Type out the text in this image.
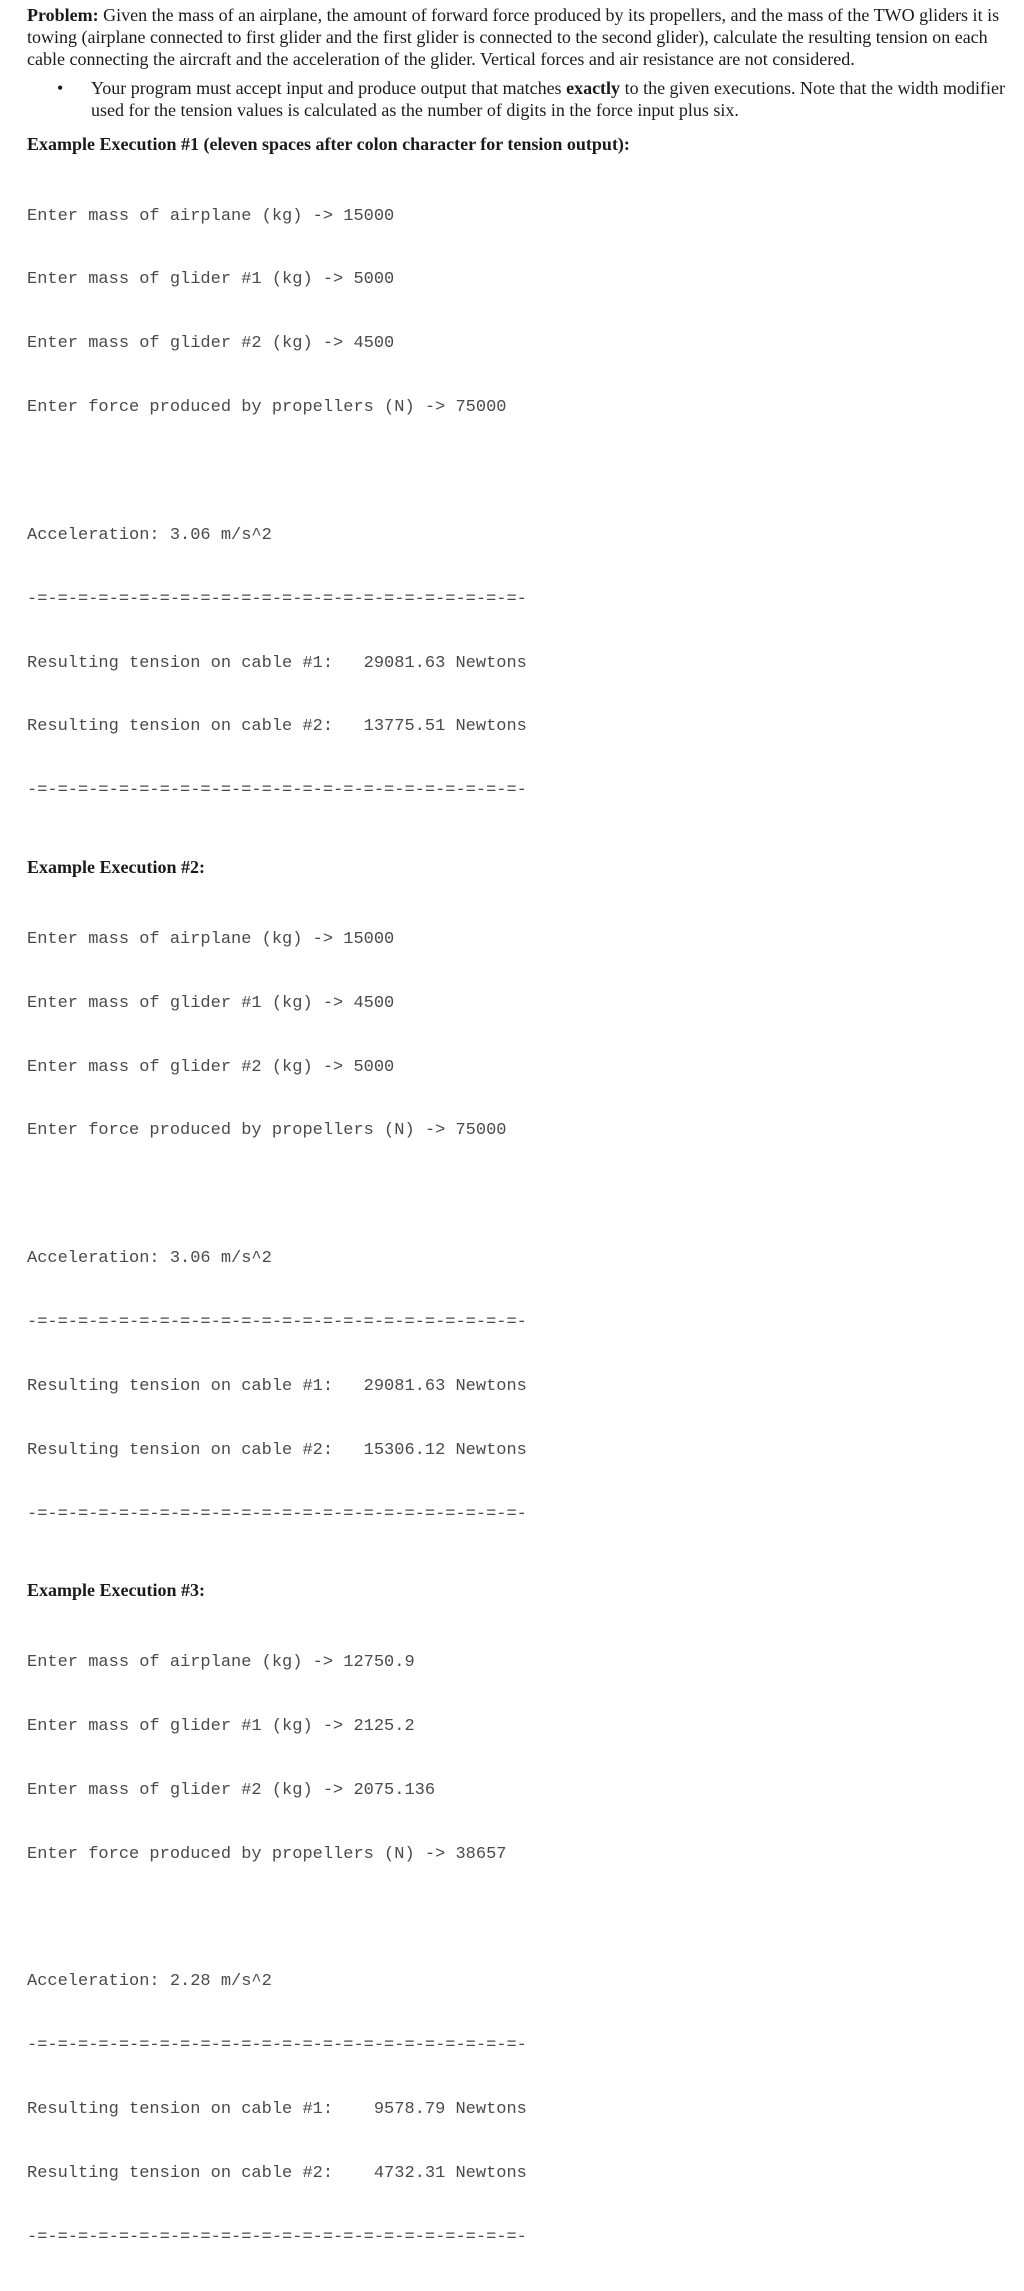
Problem: Given the mass of an airplane, the amount of forward force produced by its propellers, and the mass of the TWO gliders it is towing (airplane connected to first glider and the first glider is connected to the second glider), calculate the resulting tension on each cable connecting the aircraft and the acceleration of the glider. Vertical forces and air resistance are not considered.

• Your program must accept input and produce output that matches exactly to the given executions. Note that the width modifier used for the tension values is calculated as the number of digits in the force input plus six.
Example Execution #1 (eleven spaces after colon character for tension output):

Enter mass of airplane (kg) -> 15000

Enter mass of glider #1 (kg) -> 5000

Enter mass of glider #2 (kg) -> 4500

Enter force produced by propellers (N) -> 75000

Acceleration: 3.06 m/s^2

-=-=-=-=-=-=-=-=-=-=-=-=-=-=-=-=-=-=-=-=-=-=-=-=-

Resulting tension on cable #1:   29081.63 Newtons

Resulting tension on cable #2:   13775.51 Newtons

-=-=-=-=-=-=-=-=-=-=-=-=-=-=-=-=-=-=-=-=-=-=-=-=-

Example Execution #2:

Enter mass of airplane (kg) -> 15000

Enter mass of glider #1 (kg) -> 4500

Enter mass of glider #2 (kg) -> 5000

Enter force produced by propellers (N) -> 75000

Acceleration: 3.06 m/s^2

-=-=-=-=-=-=-=-=-=-=-=-=-=-=-=-=-=-=-=-=-=-=-=-=-

Resulting tension on cable #1:   29081.63 Newtons

Resulting tension on cable #2:   15306.12 Newtons

-=-=-=-=-=-=-=-=-=-=-=-=-=-=-=-=-=-=-=-=-=-=-=-=-

Example Execution #3:

Enter mass of airplane (kg) -> 12750.9

Enter mass of glider #1 (kg) -> 2125.2

Enter mass of glider #2 (kg) -> 2075.136

Enter force produced by propellers (N) -> 38657

Acceleration: 2.28 m/s^2

-=-=-=-=-=-=-=-=-=-=-=-=-=-=-=-=-=-=-=-=-=-=-=-=-

Resulting tension on cable #1:    9578.79 Newtons

Resulting tension on cable #2:    4732.31 Newtons

-=-=-=-=-=-=-=-=-=-=-=-=-=-=-=-=-=-=-=-=-=-=-=-=-
